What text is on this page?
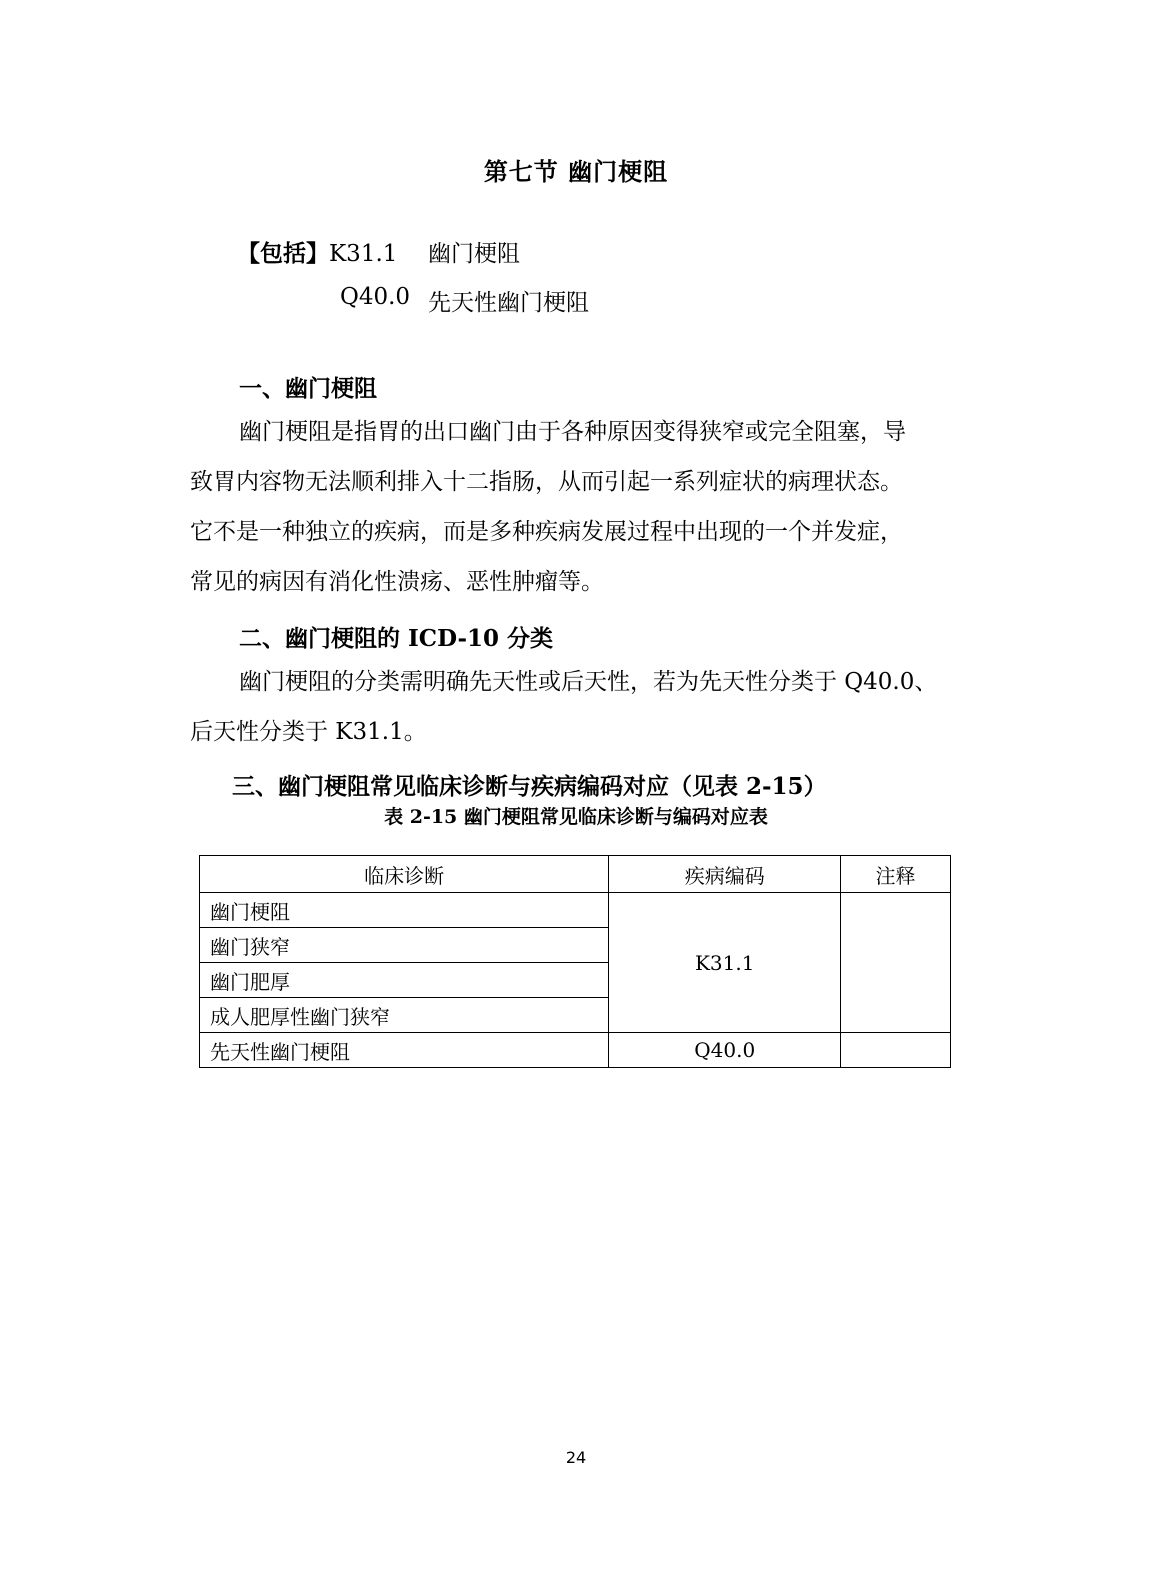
第七节 幽门梗阻
【包括】K31.1 幽门梗阻
Q40.0 先天性幽门梗阻
一、幽门梗阻
幽门梗阻是指胃的出口幽门由于各种原因变得狭窄或完全阻塞，导
致胃内容物无法顺利排入十二指肠，从而引起一系列症状的病理状态。
它不是一种独立的疾病，而是多种疾病发展过程中出现的一个并发症，
常见的病因有消化性溃疡、恶性肿瘤等。
二、幽门梗阻的 ICD-10 分类
幽门梗阻的分类需明确先天性或后天性，若为先天性分类于 Q40.0、
后天性分类于 K31.1。
三、幽门梗阻常见临床诊断与疾病编码对应（见表 2-15）
表 2-15 幽门梗阻常见临床诊断与编码对应表
临床诊断	疾病编码	注释
幽门梗阻	K31.1	
幽门狭窄		
幽门肥厚		
成人肥厚性幽门狭窄		
先天性幽门梗阻	Q40.0	
24
